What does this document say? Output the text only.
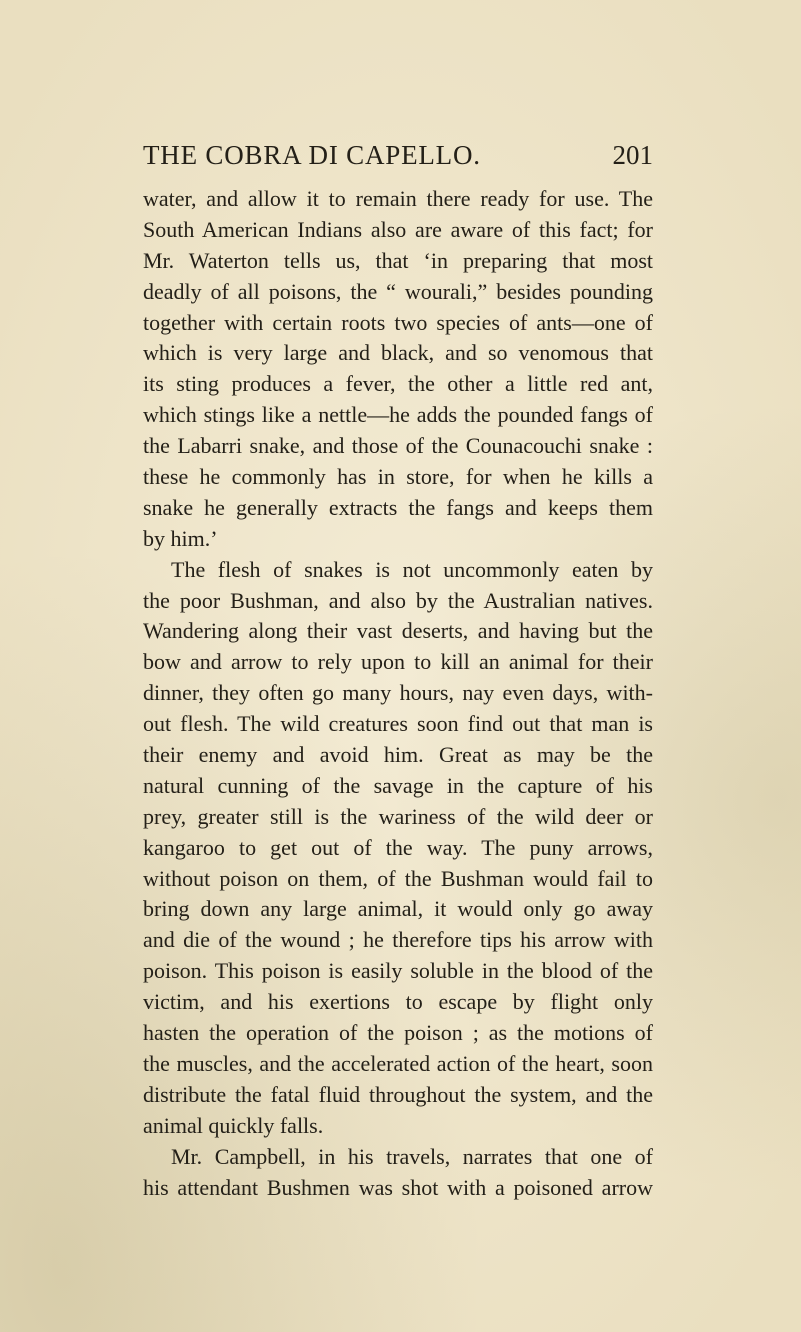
THE COBRA DI CAPELLO.	201
water, and allow it to remain there ready for use. The
South American Indians also are aware of this fact; for
Mr. Waterton tells us, that ‘in preparing that most
deadly of all poisons, the “ wourali,” besides pounding
together with certain roots two species of ants—one of
which is very large and black, and so venomous that
its sting produces a fever, the other a little red ant,
which stings like a nettle—he adds the pounded fangs of
the Labarri snake, and those of the Counacouchi snake :
these he commonly has in store, for when he kills a
snake he generally extracts the fangs and keeps them
by him.’
The flesh of snakes is not uncommonly eaten by
the poor Bushman, and also by the Australian natives.
Wandering along their vast deserts, and having but the
bow and arrow to rely upon to kill an animal for their
dinner, they often go many hours, nay even days, with-
out flesh. The wild creatures soon find out that man is
their enemy and avoid him. Great as may be the
natural cunning of the savage in the capture of his
prey, greater still is the wariness of the wild deer or
kangaroo to get out of the way. The puny arrows,
without poison on them, of the Bushman would fail to
bring down any large animal, it would only go away
and die of the wound ; he therefore tips his arrow with
poison. This poison is easily soluble in the blood of the
victim, and his exertions to escape by flight only
hasten the operation of the poison ; as the motions of
the muscles, and the accelerated action of the heart, soon
distribute the fatal fluid throughout the system, and the
animal quickly falls.
Mr. Campbell, in his travels, narrates that one of
his attendant Bushmen was shot with a poisoned arrow
